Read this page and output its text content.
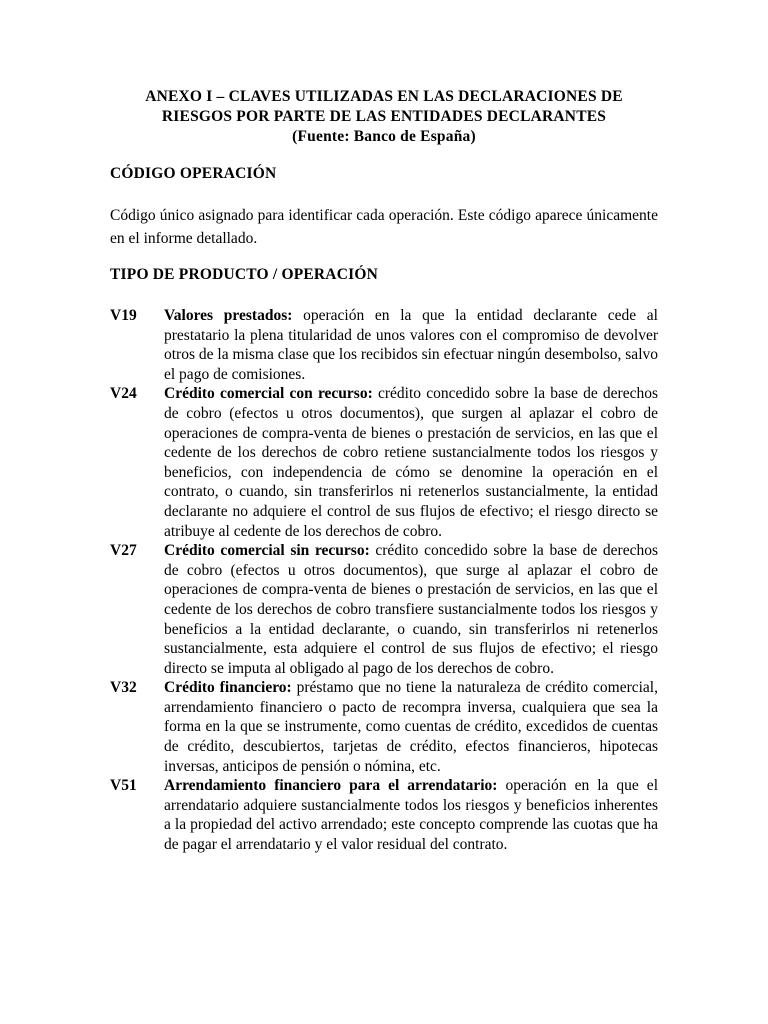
ANEXO I – CLAVES UTILIZADAS EN LAS DECLARACIONES DE
RIESGOS POR PARTE DE LAS ENTIDADES DECLARANTES
(Fuente: Banco de España)
CÓDIGO OPERACIÓN
Código único asignado para identificar cada operación. Este código aparece únicamente en el informe detallado.
TIPO DE PRODUCTO / OPERACIÓN
V19 Valores prestados: operación en la que la entidad declarante cede al prestatario la plena titularidad de unos valores con el compromiso de devolver otros de la misma clase que los recibidos sin efectuar ningún desembolso, salvo el pago de comisiones.
V24 Crédito comercial con recurso: crédito concedido sobre la base de derechos de cobro (efectos u otros documentos), que surgen al aplazar el cobro de operaciones de compra-venta de bienes o prestación de servicios, en las que el cedente de los derechos de cobro retiene sustancialmente todos los riesgos y beneficios, con independencia de cómo se denomine la operación en el contrato, o cuando, sin transferirlos ni retenerlos sustancialmente, la entidad declarante no adquiere el control de sus flujos de efectivo; el riesgo directo se atribuye al cedente de los derechos de cobro.
V27 Crédito comercial sin recurso: crédito concedido sobre la base de derechos de cobro (efectos u otros documentos), que surge al aplazar el cobro de operaciones de compra-venta de bienes o prestación de servicios, en las que el cedente de los derechos de cobro transfiere sustancialmente todos los riesgos y beneficios a la entidad declarante, o cuando, sin transferirlos ni retenerlos sustancialmente, esta adquiere el control de sus flujos de efectivo; el riesgo directo se imputa al obligado al pago de los derechos de cobro.
V32 Crédito financiero: préstamo que no tiene la naturaleza de crédito comercial, arrendamiento financiero o pacto de recompra inversa, cualquiera que sea la forma en la que se instrumente, como cuentas de crédito, excedidos de cuentas de crédito, descubiertos, tarjetas de crédito, efectos financieros, hipotecas inversas, anticipos de pensión o nómina, etc.
V51 Arrendamiento financiero para el arrendatario: operación en la que el arrendatario adquiere sustancialmente todos los riesgos y beneficios inherentes a la propiedad del activo arrendado; este concepto comprende las cuotas que ha de pagar el arrendatario y el valor residual del contrato.
